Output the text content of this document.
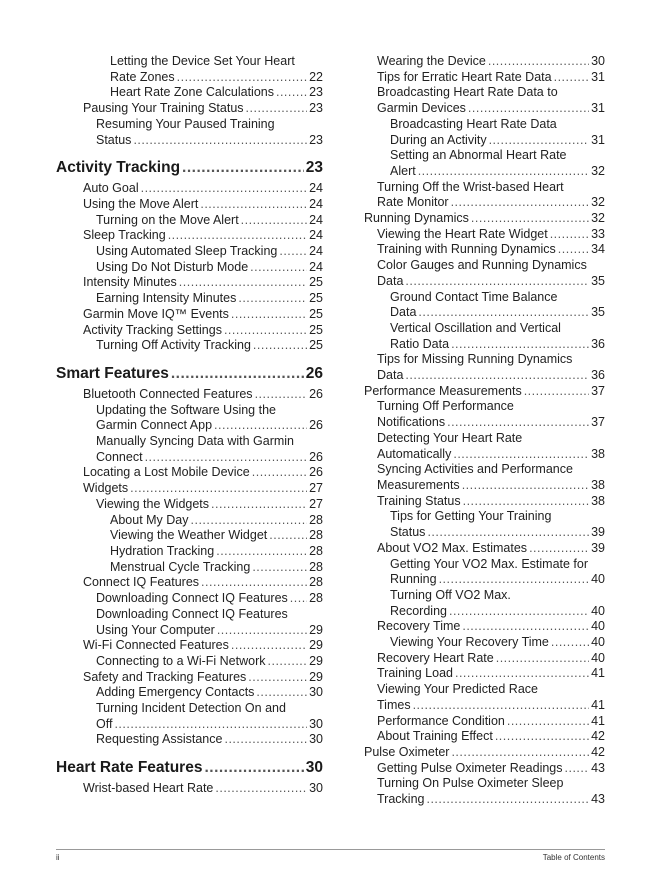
Letting the Device Set Your Heart
Rate Zones .....	22
Heart Rate Zone Calculations .....	23
Pausing Your Training Status .....	23
Resuming Your Paused Training
Status .....	23
Activity Tracking .....	23
Auto Goal .....	24
Using the Move Alert .....	24
Turning on the Move Alert .....	24
Sleep Tracking .....	24
Using Automated Sleep Tracking .....	24
Using Do Not Disturb Mode .....	24
Intensity Minutes .....	25
Earning Intensity Minutes .....	25
Garmin Move IQ™ Events .....	25
Activity Tracking Settings .....	25
Turning Off Activity Tracking .....	25
Smart Features .....	26
Bluetooth Connected Features .....	26
Updating the Software Using the
Garmin Connect App .....	26
Manually Syncing Data with Garmin
Connect .....	26
Locating a Lost Mobile Device .....	26
Widgets .....	27
Viewing the Widgets .....	27
About My Day .....	28
Viewing the Weather Widget .....	28
Hydration Tracking .....	28
Menstrual Cycle Tracking .....	28
Connect IQ Features .....	28
Downloading Connect IQ Features ..... 28
Downloading Connect IQ Features
Using Your Computer .....	29
Wi-Fi Connected Features .....	29
Connecting to a Wi-Fi Network .....	29
Safety and Tracking Features .....	29
Adding Emergency Contacts .....	30
Turning Incident Detection On and
Off .....	30
Requesting Assistance .....	30
Heart Rate Features .....	30
Wrist-based Heart Rate .....	30
Wearing the Device .....	30
Tips for Erratic Heart Rate Data .....	31
Broadcasting Heart Rate Data to
Garmin Devices .....	31
Broadcasting Heart Rate Data
During an Activity .....	31
Setting an Abnormal Heart Rate
Alert .....	32
Turning Off the Wrist-based Heart
Rate Monitor .....	32
Running Dynamics .....	32
Viewing the Heart Rate Widget .....	33
Training with Running Dynamics .....	34
Color Gauges and Running Dynamics
Data .....	35
Ground Contact Time Balance
Data .....	35
Vertical Oscillation and Vertical
Ratio Data .....	36
Tips for Missing Running Dynamics
Data .....	36
Performance Measurements .....	37
Turning Off Performance
Notifications .....	37
Detecting Your Heart Rate
Automatically .....	38
Syncing Activities and Performance
Measurements .....	38
Training Status .....	38
Tips for Getting Your Training
Status .....	39
About VO2 Max. Estimates .....	39
Getting Your VO2 Max. Estimate for
Running .....	40
Turning Off VO2 Max.
Recording .....	40
Recovery Time .....	40
Viewing Your Recovery Time .....	40
Recovery Heart Rate .....	40
Training Load .....	41
Viewing Your Predicted Race
Times .....	41
Performance Condition .....	41
About Training Effect .....	42
Pulse Oximeter .....	42
Getting Pulse Oximeter Readings ..... 43
Turning On Pulse Oximeter Sleep
Tracking .....	43
ii	Table of Contents
